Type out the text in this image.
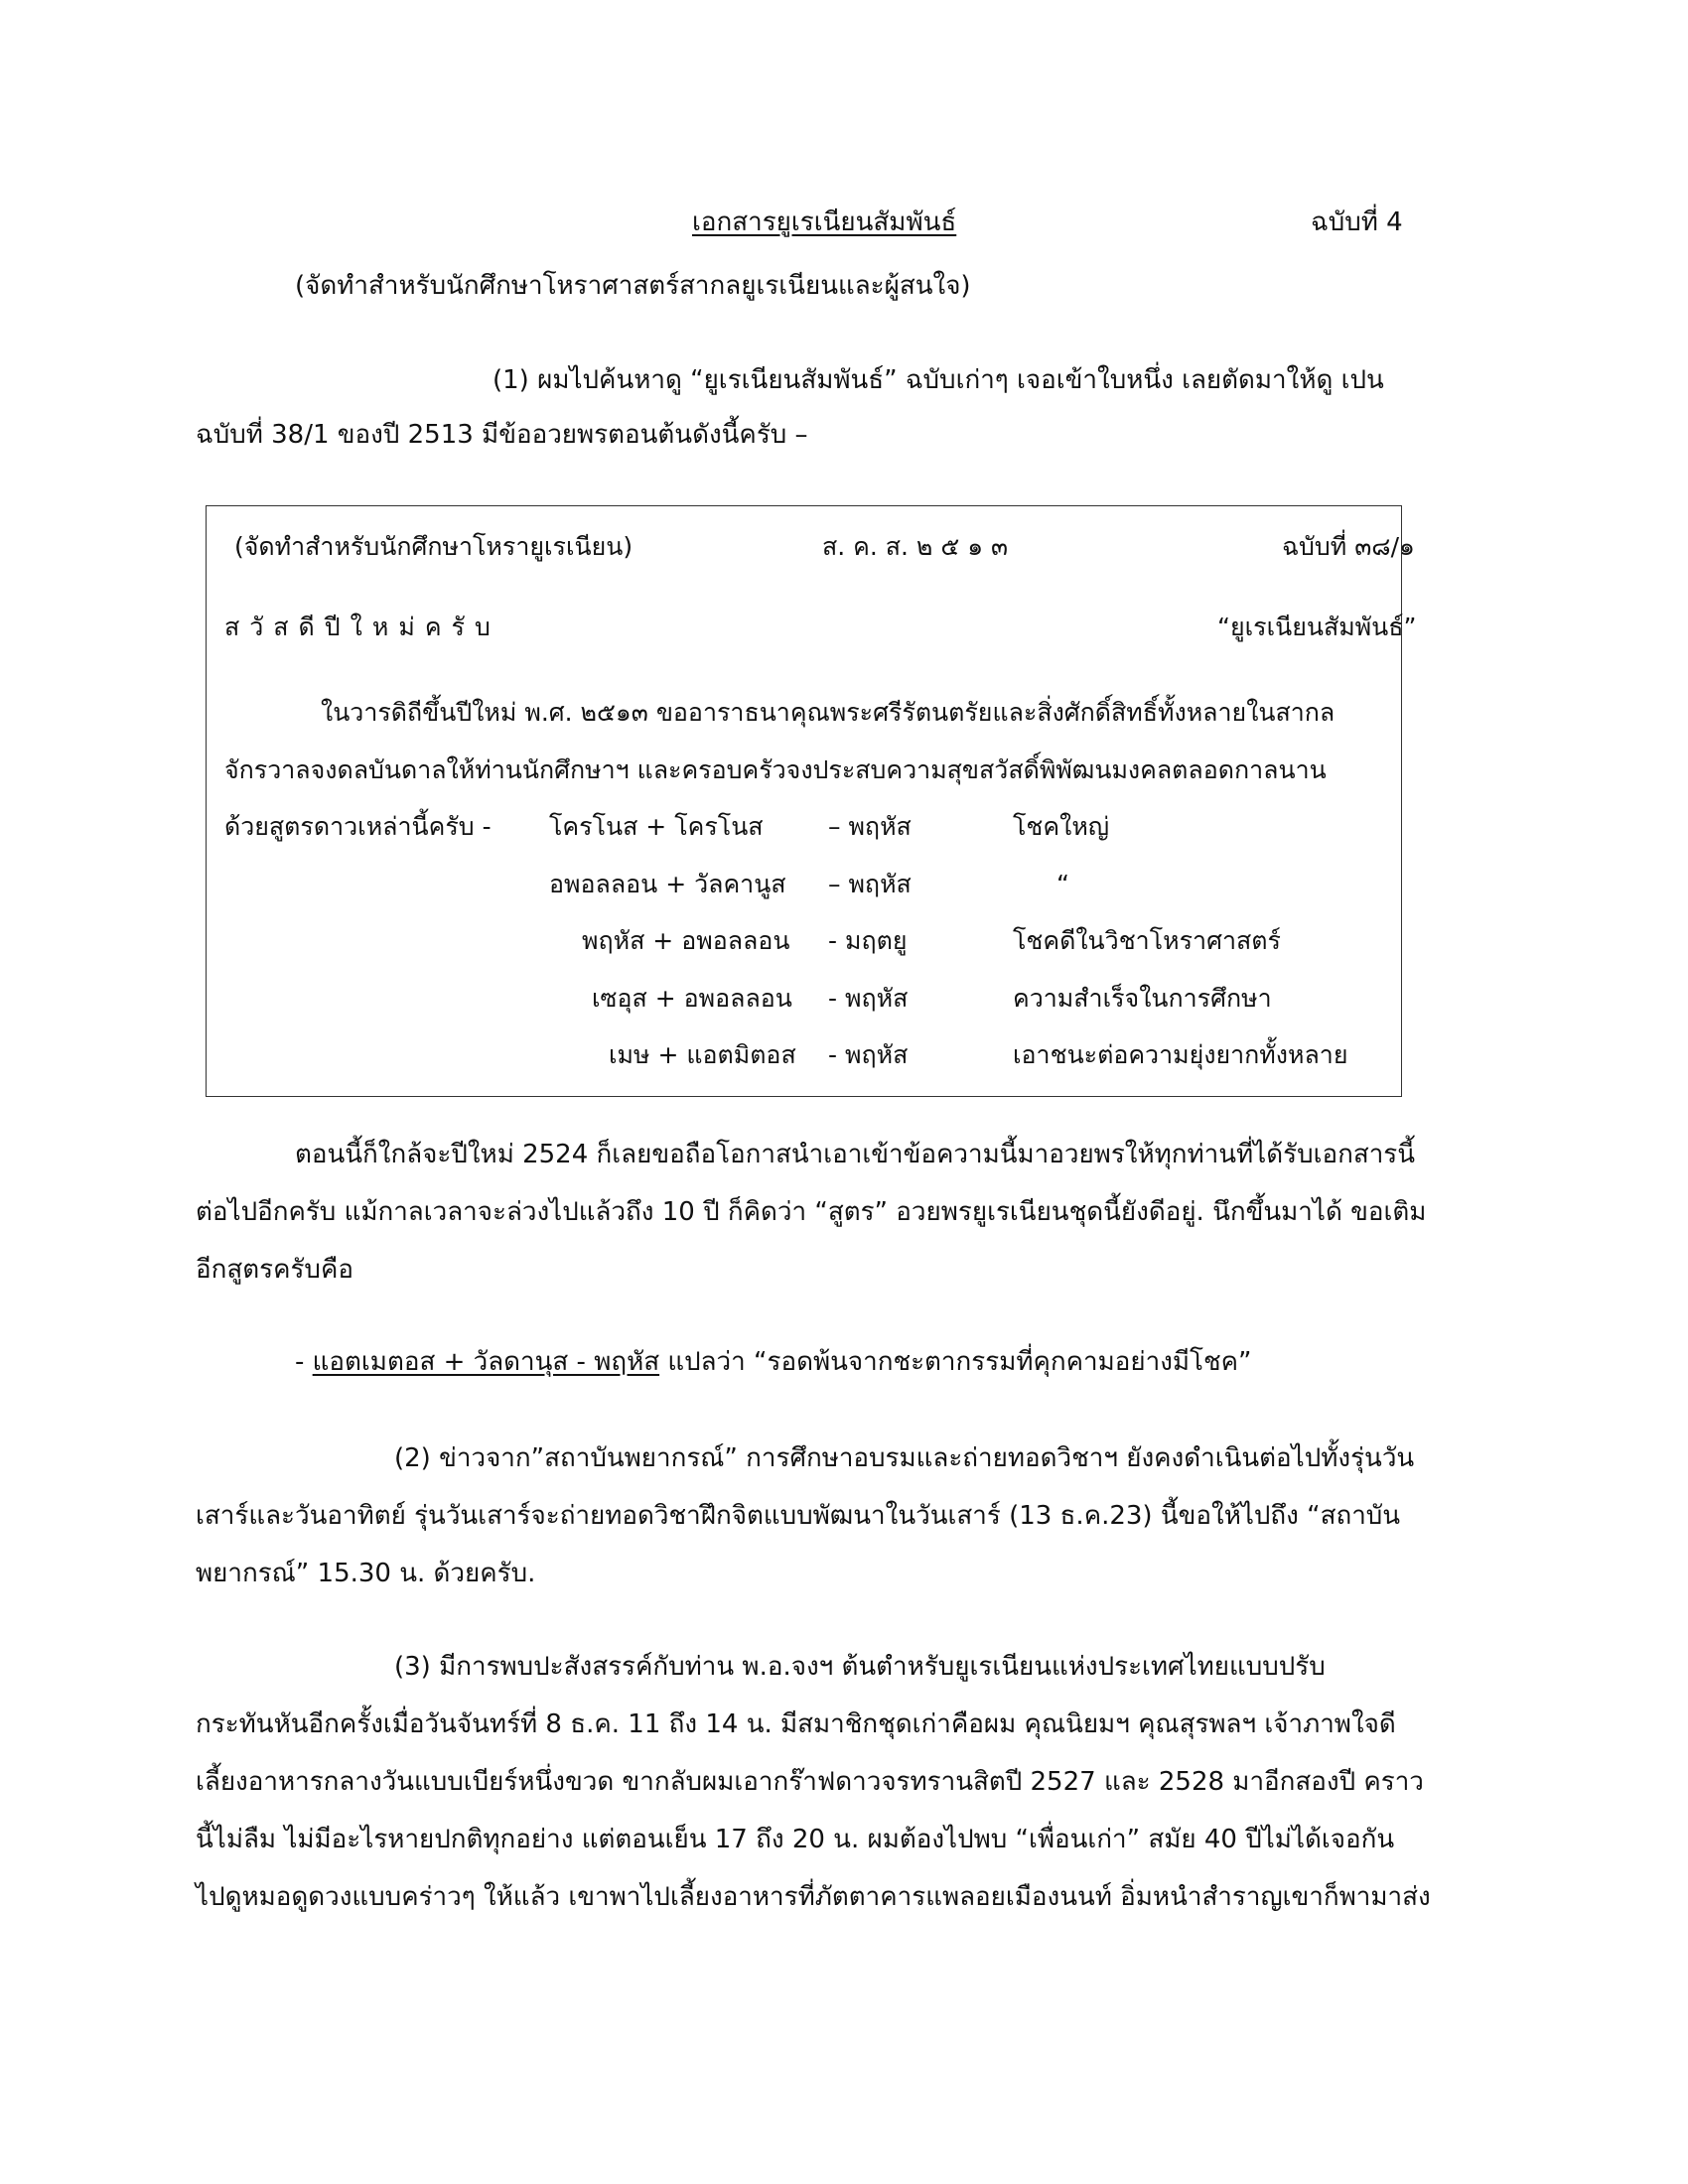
เอกสารยูเรเนียนสัมพันธ์	ฉบับที่ 4
(จัดทำสำหรับนักศึกษาโหราศาสตร์สากลยูเรเนียนและผู้สนใจ)
(1) ผมไปค้นหาดู “ยูเรเนียนสัมพันธ์” ฉบับเก่าๆ เจอเข้าใบหนึ่ง เลยตัดมาให้ดู เปน
ฉบับที่ 38/1 ของปี 2513 มีข้ออวยพรตอนต้นดังนี้ครับ –
(จัดทำสำหรับนักศึกษาโหรายูเรเนียน)	ส. ค. ส. ๒ ๕ ๑ ๓	ฉบับที่ ๓๘/๑
สวัสดีปีใหม่ครับ	“ยูเรเนียนสัมพันธ์”
ในวารดิถีขึ้นปีใหม่ พ.ศ. ๒๕๑๓ ขออาราธนาคุณพระศรีรัตนตรัยและสิ่งศักดิ์สิทธิ์ทั้งหลายในสากล
จักรวาลจงดลบันดาลให้ท่านนักศึกษาฯ และครอบครัวจงประสบความสุขสวัสดิ์พิพัฒนมงคลตลอดกาลนาน
ด้วยสูตรดาวเหล่านี้ครับ - โครโนส + โครโนส	– พฤหัส	โชคใหญ่
อพอลลอน + วัลคานูส – พฤหัส	“
พฤหัส + อพอลลอน - มฤตยู	โชคดีในวิชาโหราศาสตร์
เซอุส + อพอลลอน - พฤหัส	ความสำเร็จในการศึกษา
เมษ + แอตมิตอส - พฤหัส	เอาชนะต่อความยุ่งยากทั้งหลาย
ตอนนี้ก็ใกล้จะปีใหม่ 2524 ก็เลยขอถือโอกาสนำเอาเข้าข้อความนี้มาอวยพรให้ทุกท่านที่ได้รับเอกสารนี้
ต่อไปอีกครับ แม้กาลเวลาจะล่วงไปแล้วถึง 10 ปี ก็คิดว่า “สูตร” อวยพรยูเรเนียนชุดนี้ยังดีอยู่. นึกขึ้นมาได้ ขอเติม
อีกสูตรครับคือ
- แอตเมตอส + วัลดานุส - พฤหัส แปลว่า “รอดพ้นจากชะตากรรมที่คุกคามอย่างมีโชค”
(2) ข่าวจาก”สถาบันพยากรณ์” การศึกษาอบรมและถ่ายทอดวิชาฯ ยังคงดำเนินต่อไปทั้งรุ่นวัน
เสาร์และวันอาทิตย์ รุ่นวันเสาร์จะถ่ายทอดวิชาฝึกจิตแบบพัฒนาในวันเสาร์ (13 ธ.ค.23) นี้ขอให้ไปถึง “สถาบัน
พยากรณ์” 15.30 น. ด้วยครับ.
(3) มีการพบปะสังสรรค์กับท่าน พ.อ.จงฯ ต้นตำหรับยูเรเนียนแห่งประเทศไทยแบบปรับ
กระทันหันอีกครั้งเมื่อวันจันทร์ที่ 8 ธ.ค. 11 ถึง 14 น. มีสมาชิกชุดเก่าคือผม คุณนิยมฯ คุณสุรพลฯ เจ้าภาพใจดี
เลี้ยงอาหารกลางวันแบบเบียร์หนึ่งขวด ขากลับผมเอากร๊าฟดาวจรทรานสิตปี 2527 และ 2528 มาอีกสองปี คราว
นี้ไม่ลืม ไม่มีอะไรหายปกติทุกอย่าง แต่ตอนเย็น 17 ถึง 20 น. ผมต้องไปพบ “เพื่อนเก่า” สมัย 40 ปีไม่ได้เจอกัน
ไปดูหมอดูดวงแบบคร่าวๆ ให้แล้ว เขาพาไปเลี้ยงอาหารที่ภัตตาคารแพลอยเมืองนนท์ อิ่มหนำสำราญเขาก็พามาส่ง
